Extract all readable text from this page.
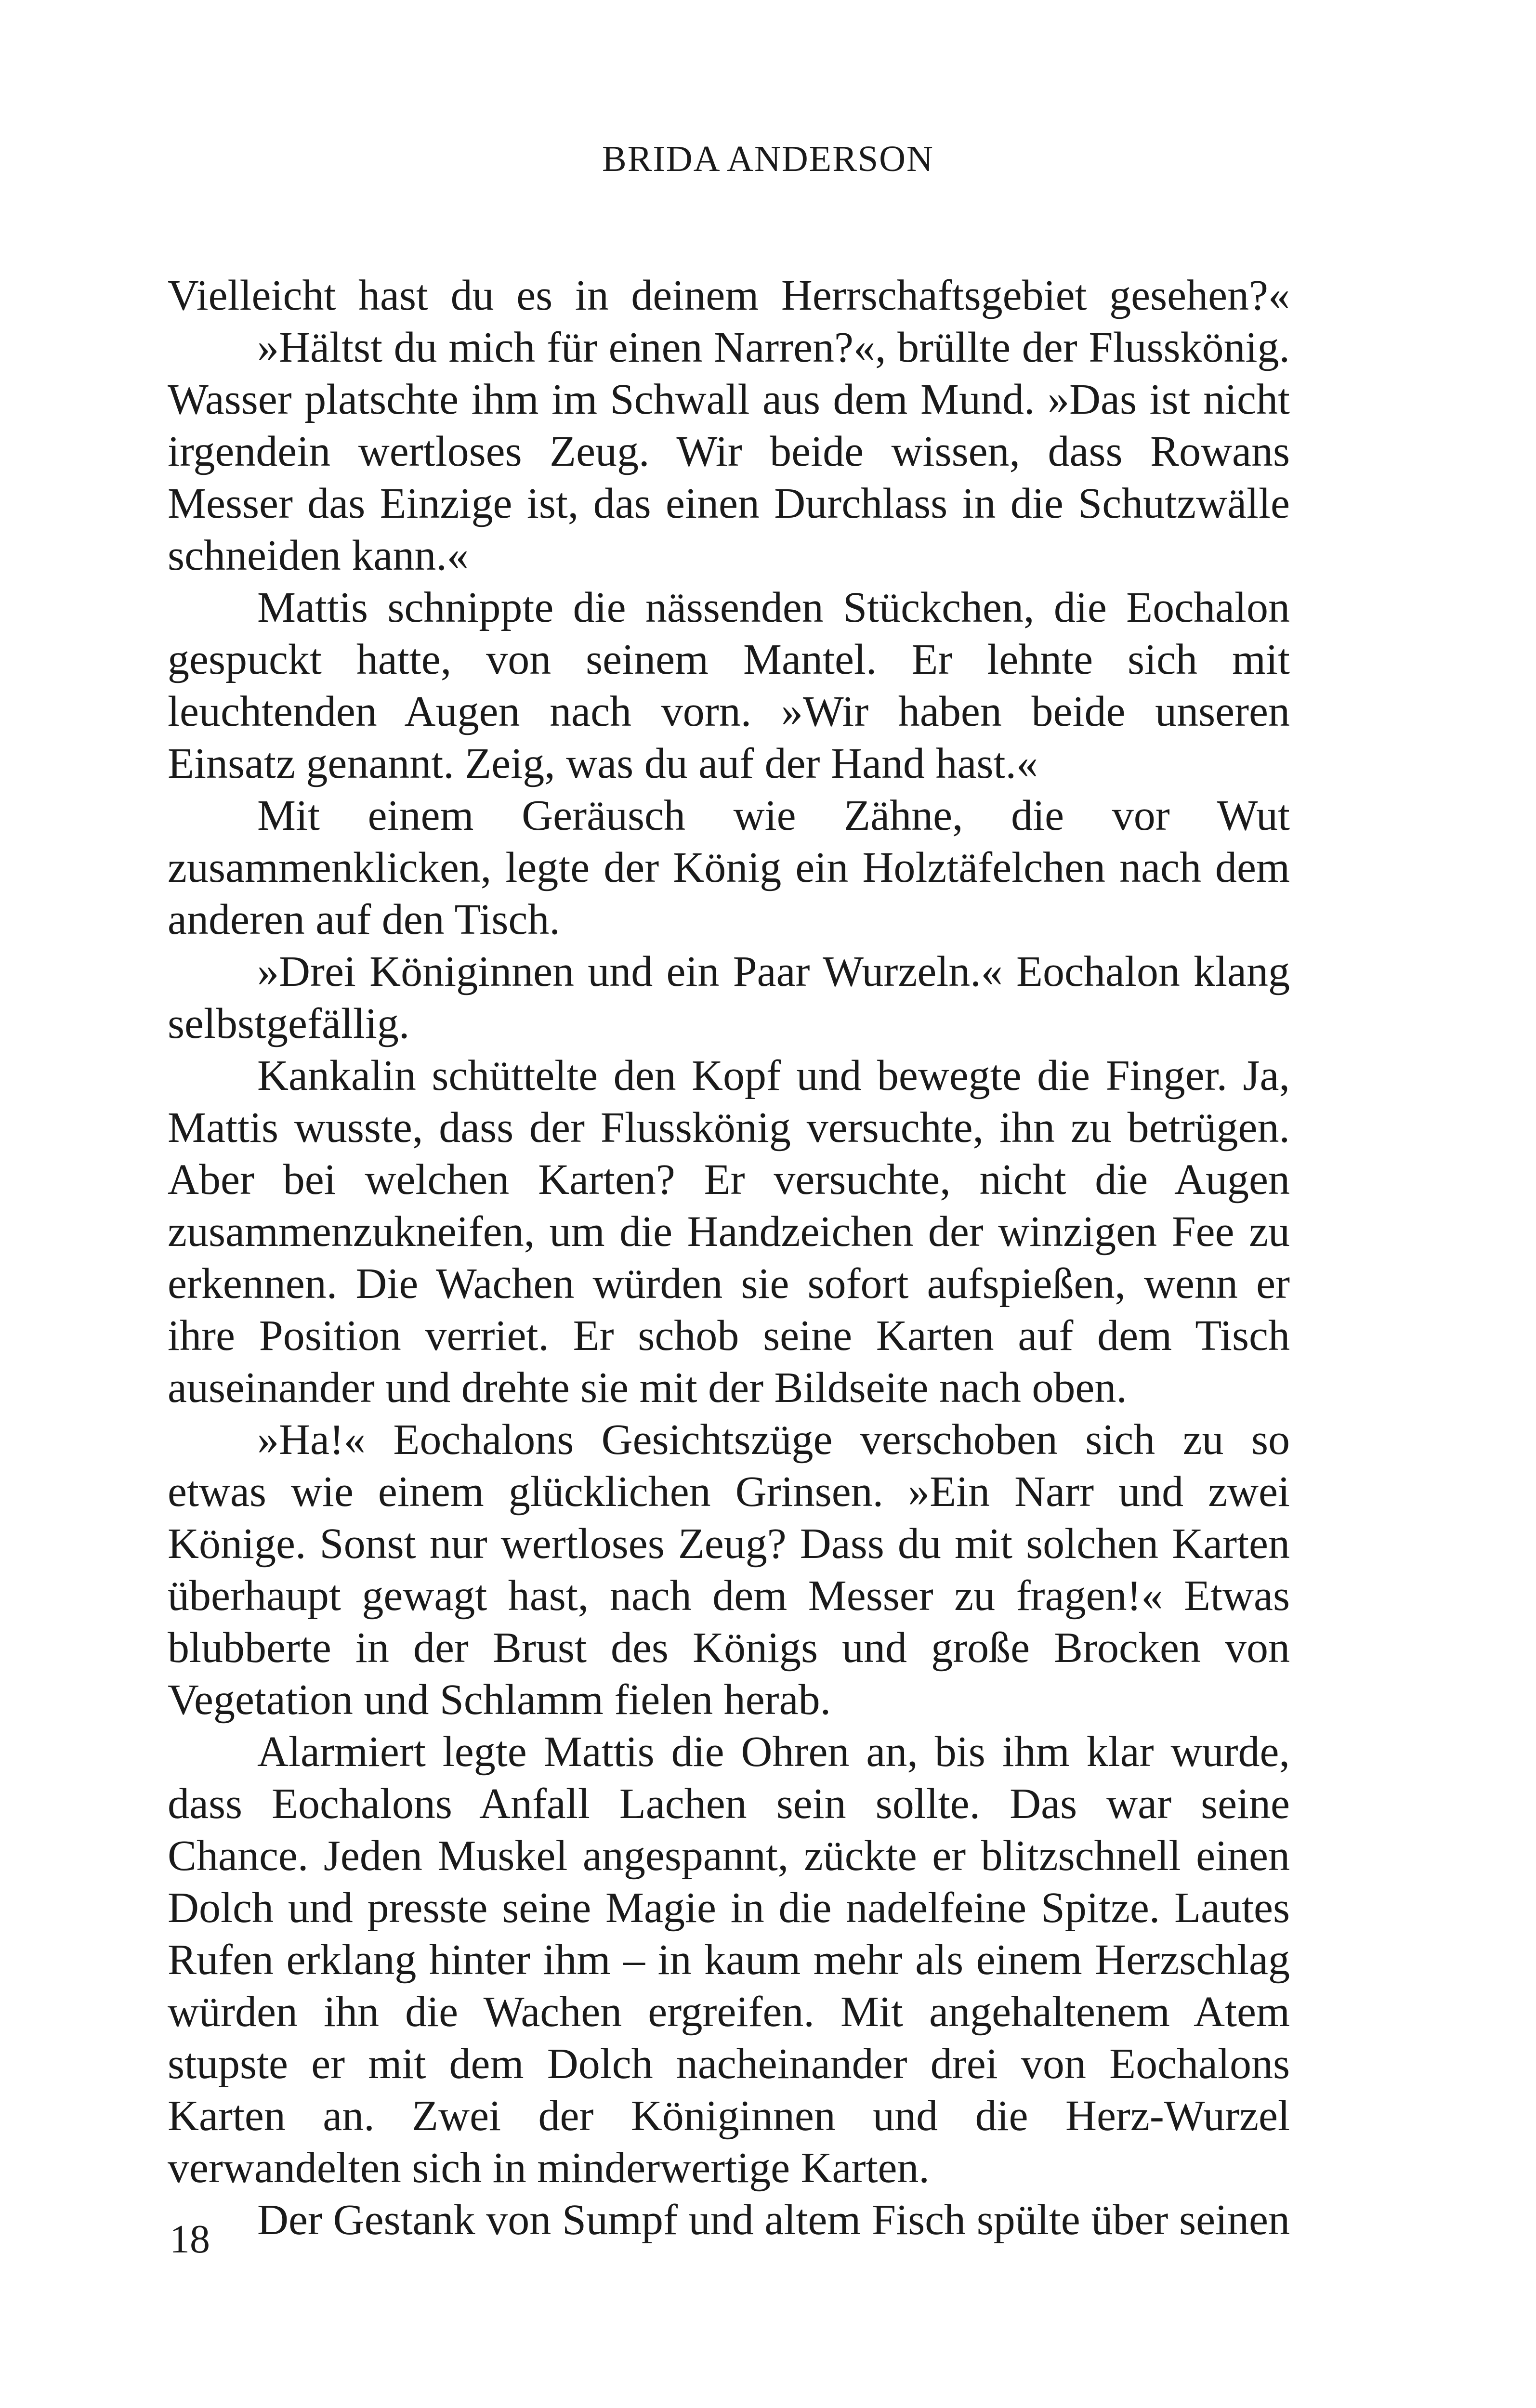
BRIDA ANDERSON

Vielleicht hast du es in deinem Herrschaftsgebiet gesehen?«

»Hältst du mich für einen Narren?«, brüllte der Flusskönig. Wasser platschte ihm im Schwall aus dem Mund. »Das ist nicht irgendein wertloses Zeug. Wir beide wissen, dass Rowans Messer das Einzige ist, das einen Durchlass in die Schutzwälle schneiden kann.«

Mattis schnippte die nässenden Stückchen, die Eochalon gespuckt hatte, von seinem Mantel. Er lehnte sich mit leuchtenden Augen nach vorn. »Wir haben beide unseren Einsatz genannt. Zeig, was du auf der Hand hast.«

Mit einem Geräusch wie Zähne, die vor Wut zusammenklicken, legte der König ein Holztäfelchen nach dem anderen auf den Tisch.

»Drei Königinnen und ein Paar Wurzeln.« Eochalon klang selbstgefällig.

Kankalin schüttelte den Kopf und bewegte die Finger. Ja, Mattis wusste, dass der Flusskönig versuchte, ihn zu betrügen. Aber bei welchen Karten? Er versuchte, nicht die Augen zusammenzukneifen, um die Handzeichen der winzigen Fee zu erkennen. Die Wachen würden sie sofort aufspießen, wenn er ihre Position verriet. Er schob seine Karten auf dem Tisch auseinander und drehte sie mit der Bildseite nach oben.

»Ha!« Eochalons Gesichtszüge verschoben sich zu so etwas wie einem glücklichen Grinsen. »Ein Narr und zwei Könige. Sonst nur wertloses Zeug? Dass du mit solchen Karten überhaupt gewagt hast, nach dem Messer zu fragen!« Etwas blubberte in der Brust des Königs und große Brocken von Vegetation und Schlamm fielen herab.

Alarmiert legte Mattis die Ohren an, bis ihm klar wurde, dass Eochalons Anfall Lachen sein sollte. Das war seine Chance. Jeden Muskel angespannt, zückte er blitzschnell einen Dolch und presste seine Magie in die nadelfeine Spitze. Lautes Rufen erklang hinter ihm – in kaum mehr als einem Herzschlag würden ihn die Wachen ergreifen. Mit angehaltenem Atem stupste er mit dem Dolch nacheinander drei von Eochalons Karten an. Zwei der Königinnen und die Herz-Wurzel verwandelten sich in minderwertige Karten.

Der Gestank von Sumpf und altem Fisch spülte über seinen

18
